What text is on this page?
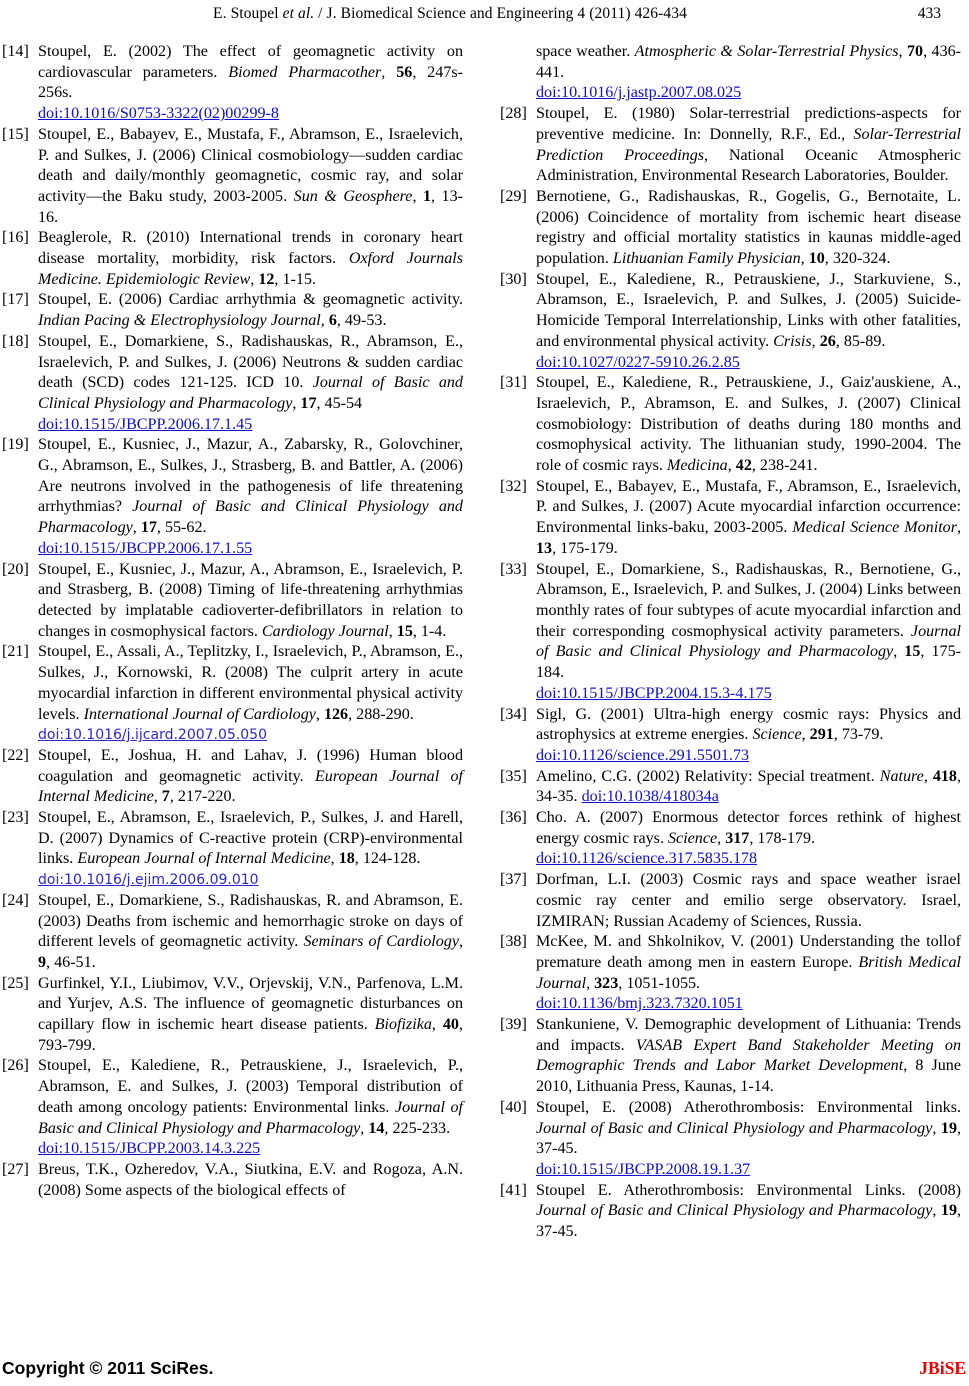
E. Stoupel et al. / J. Biomedical Science and Engineering 4 (2011) 426-434	433
[14] Stoupel, E. (2002) The effect of geomagnetic activity on cardiovascular parameters. Biomed Pharmacother, 56, 247s-256s.
doi:10.1016/S0753-3322(02)00299-8
[15] Stoupel, E., Babayev, E., Mustafa, F., Abramson, E., Israelevich, P. and Sulkes, J. (2006) Clinical cosmobiology—sudden cardiac death and daily/monthly geomagnetic, cosmic ray, and solar activity—the Baku study, 2003-2005. Sun & Geosphere, 1, 13-16.
[16] Beaglerole, R. (2010) International trends in coronary heart disease mortality, morbidity, risk factors. Oxford Journals Medicine. Epidemiologic Review, 12, 1-15.
[17] Stoupel, E. (2006) Cardiac arrhythmia & geomagnetic activity. Indian Pacing & Electrophysiology Journal, 6, 49-53.
[18] Stoupel, E., Domarkiene, S., Radishauskas, R., Abramson, E., Israelevich, P. and Sulkes, J. (2006) Neutrons & sudden cardiac death (SCD) codes 121-125. ICD 10. Journal of Basic and Clinical Physiology and Pharmacology, 17, 45-54
doi:10.1515/JBCPP.2006.17.1.45
[19] Stoupel, E., Kusniec, J., Mazur, A., Zabarsky, R., Golovchiner, G., Abramson, E., Sulkes, J., Strasberg, B. and Battler, A. (2006) Are neutrons involved in the pathogenesis of life threatening arrhythmias? Journal of Basic and Clinical Physiology and Pharmacology, 17, 55-62.
doi:10.1515/JBCPP.2006.17.1.55
[20] Stoupel, E., Kusniec, J., Mazur, A., Abramson, E., Israelevich, P. and Strasberg, B. (2008) Timing of life-threatening arrhythmias detected by implatable cadioverter-defibrillators in relation to changes in cosmophysical factors. Cardiology Journal, 15, 1-4.
[21] Stoupel, E., Assali, A., Teplitzky, I., Israelevich, P., Abramson, E., Sulkes, J., Kornowski, R. (2008) The culprit artery in acute myocardial infarction in different environmental physical activity levels. International Journal of Cardiology, 126, 288-290.
doi:10.1016/j.ijcard.2007.05.050
[22] Stoupel, E., Joshua, H. and Lahav, J. (1996) Human blood coagulation and geomagnetic activity. European Journal of Internal Medicine, 7, 217-220.
[23] Stoupel, E., Abramson, E., Israelevich, P., Sulkes, J. and Harell, D. (2007) Dynamics of C-reactive protein (CRP)-environmental links. European Journal of Internal Medicine, 18, 124-128.
doi:10.1016/j.ejim.2006.09.010
[24] Stoupel, E., Domarkiene, S., Radishauskas, R. and Abramson, E. (2003) Deaths from ischemic and hemorrhagic stroke on days of different levels of geomagnetic activity. Seminars of Cardiology, 9, 46-51.
[25] Gurfinkel, Y.I., Liubimov, V.V., Orjevskij, V.N., Parfenova, L.M. and Yurjev, A.S. The influence of geomagnetic disturbances on capillary flow in ischemic heart disease patients. Biofizika, 40, 793-799.
[26] Stoupel, E., Kalediene, R., Petrauskiene, J., Israelevich, P., Abramson, E. and Sulkes, J. (2003) Temporal distribution of death among oncology patients: Environmental links. Journal of Basic and Clinical Physiology and Pharmacology, 14, 225-233.
doi:10.1515/JBCPP.2003.14.3.225
[27] Breus, T.K., Ozheredov, V.A., Siutkina, E.V. and Rogoza, A.N. (2008) Some aspects of the biological effects of
space weather. Atmospheric & Solar-Terrestrial Physics, 70, 436-441.
doi:10.1016/j.jastp.2007.08.025
[28] Stoupel, E. (1980) Solar-terrestrial predictions-aspects for preventive medicine. In: Donnelly, R.F., Ed., Solar-Terrestrial Prediction Proceedings, National Oceanic Atmospheric Administration, Environmental Research Laboratories, Boulder.
[29] Bernotiene, G., Radishauskas, R., Gogelis, G., Bernotaite, L. (2006) Coincidence of mortality from ischemic heart disease registry and official mortality statistics in kaunas middle-aged population. Lithuanian Family Physician, 10, 320-324.
[30] Stoupel, E., Kalediene, R., Petrauskiene, J., Starkuviene, S., Abramson, E., Israelevich, P. and Sulkes, J. (2005) Suicide-Homicide Temporal Interrelationship, Links with other fatalities, and environmental physical activity. Crisis, 26, 85-89.
doi:10.1027/0227-5910.26.2.85
[31] Stoupel, E., Kalediene, R., Petrauskiene, J., Gaiz'auskiene, A., Israelevich, P., Abramson, E. and Sulkes, J. (2007) Clinical cosmobiology: Distribution of deaths during 180 months and cosmophysical activity. The lithuanian study, 1990-2004. The role of cosmic rays. Medicina, 42, 238-241.
[32] Stoupel, E., Babayev, E., Mustafa, F., Abramson, E., Israelevich, P. and Sulkes, J. (2007) Acute myocardial infarction occurrence: Environmental links-baku, 2003-2005. Medical Science Monitor, 13, 175-179.
[33] Stoupel, E., Domarkiene, S., Radishauskas, R., Bernotiene, G., Abramson, E., Israelevich, P. and Sulkes, J. (2004) Links between monthly rates of four subtypes of acute myocardial infarction and their corresponding cosmophysical activity parameters. Journal of Basic and Clinical Physiology and Pharmacology, 15, 175-184.
doi:10.1515/JBCPP.2004.15.3-4.175
[34] Sigl, G. (2001) Ultra-high energy cosmic rays: Physics and astrophysics at extreme energies. Science, 291, 73-79.
doi:10.1126/science.291.5501.73
[35] Amelino, C.G. (2002) Relativity: Special treatment. Nature, 418, 34-35. doi:10.1038/418034a
[36] Cho. A. (2007) Enormous detector forces rethink of highest energy cosmic rays. Science, 317, 178-179.
doi:10.1126/science.317.5835.178
[37] Dorfman, L.I. (2003) Cosmic rays and space weather israel cosmic ray center and emilio serge observatory. Israel, IZMIRAN; Russian Academy of Sciences, Russia.
[38] McKee, M. and Shkolnikov, V. (2001) Understanding the tollof premature death among men in eastern Europe. British Medical Journal, 323, 1051-1055.
doi:10.1136/bmj.323.7320.1051
[39] Stankuniene, V. Demographic development of Lithuania: Trends and impacts. VASAB Expert Band Stakeholder Meeting on Demographic Trends and Labor Market Development, 8 June 2010, Lithuania Press, Kaunas, 1-14.
[40] Stoupel, E. (2008) Atherothrombosis: Environmental links. Journal of Basic and Clinical Physiology and Pharmacology, 19, 37-45.
doi:10.1515/JBCPP.2008.19.1.37
[41] Stoupel E. Atherothrombosis: Environmental Links. (2008) Journal of Basic and Clinical Physiology and Pharmacology, 19, 37-45.
Copyright © 2011 SciRes.	JBiSE
